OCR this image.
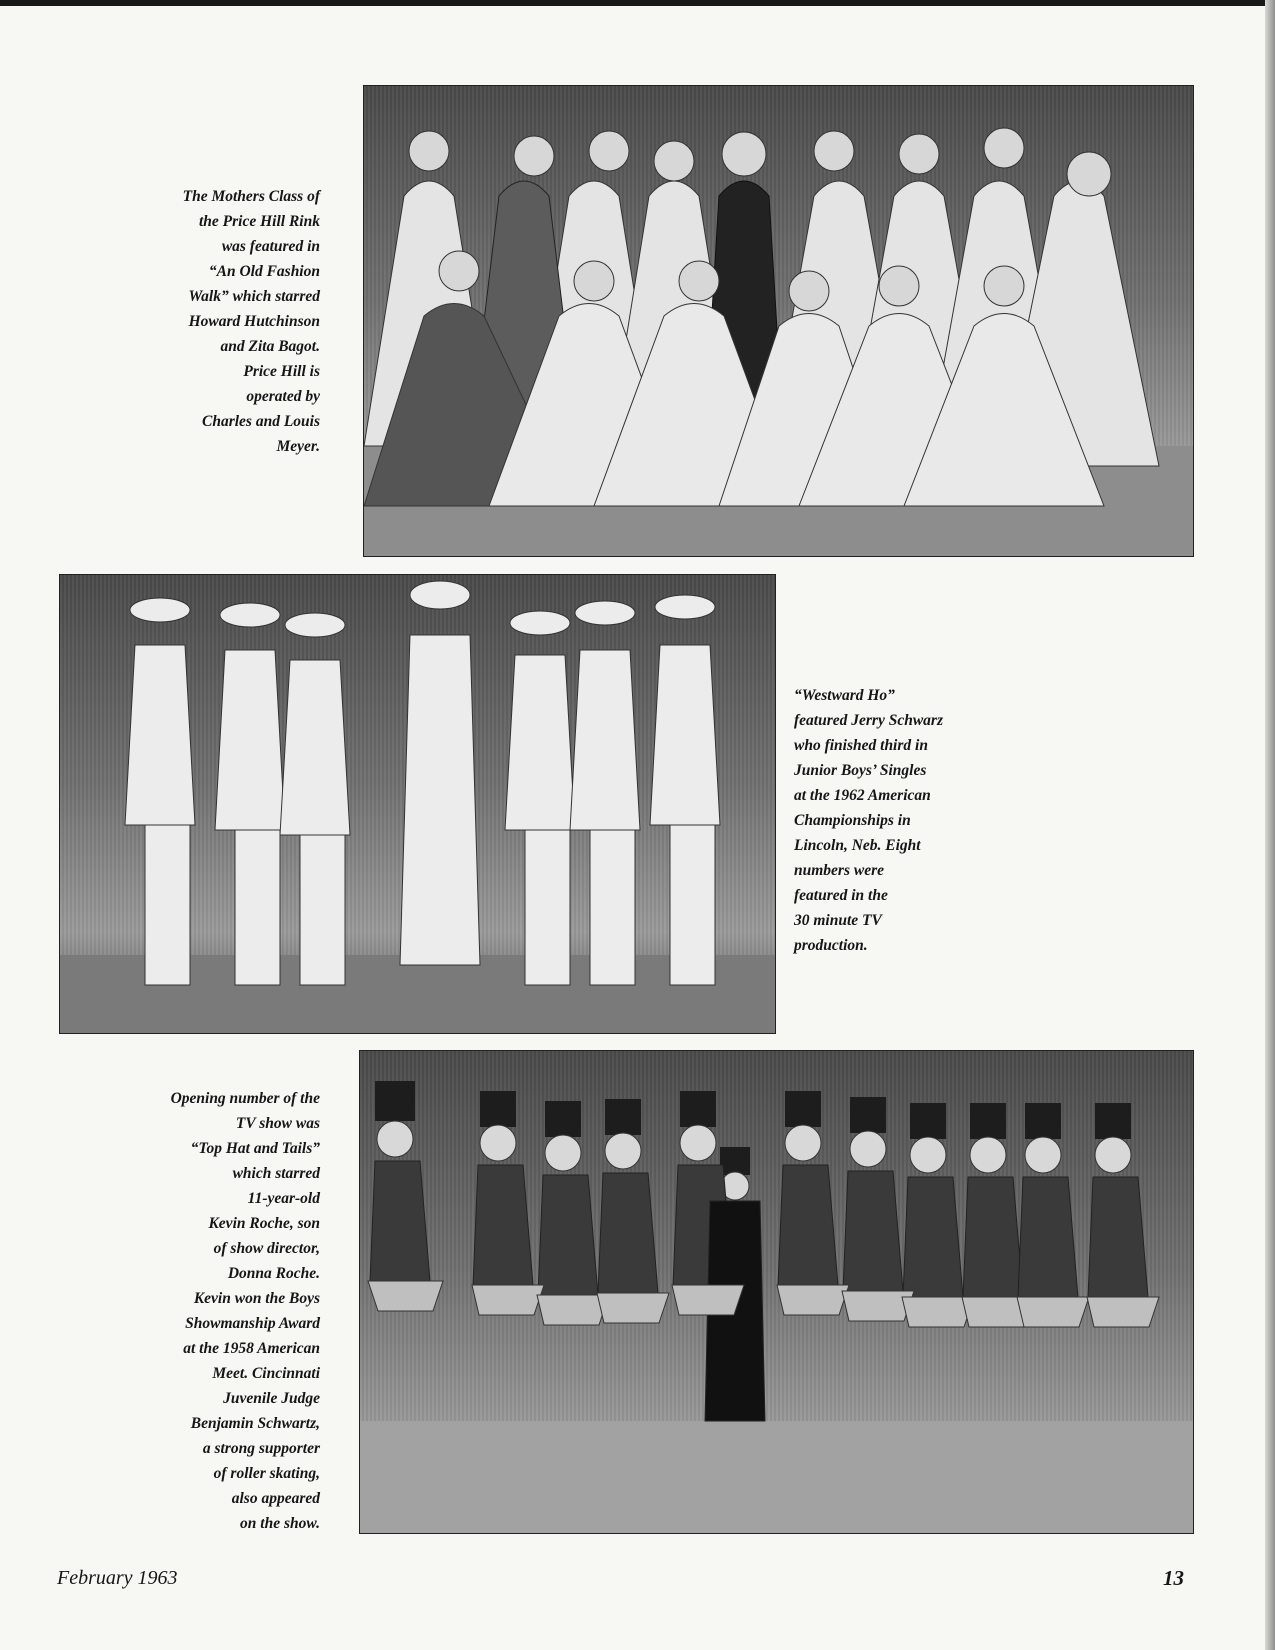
The Mothers Class of
the Price Hill Rink
was featured in
“An Old Fashion
Walk” which starred
Howard Hutchinson
and Zita Bagot.
Price Hill is
operated by
Charles and Louis
Meyer.
“Westward Ho”
featured Jerry Schwarz
who finished third in
Junior Boys’ Singles
at the 1962 American
Championships in
Lincoln, Neb. Eight
numbers were
featured in the
30 minute TV
production.
Opening number of the
TV show was
“Top Hat and Tails”
which starred
11-year-old
Kevin Roche, son
of show director,
Donna Roche.
Kevin won the Boys
Showmanship Award
at the 1958 American
Meet. Cincinnati
Juvenile Judge
Benjamin Schwartz,
a strong supporter
of roller skating,
also appeared
on the show.
February 1963	13
